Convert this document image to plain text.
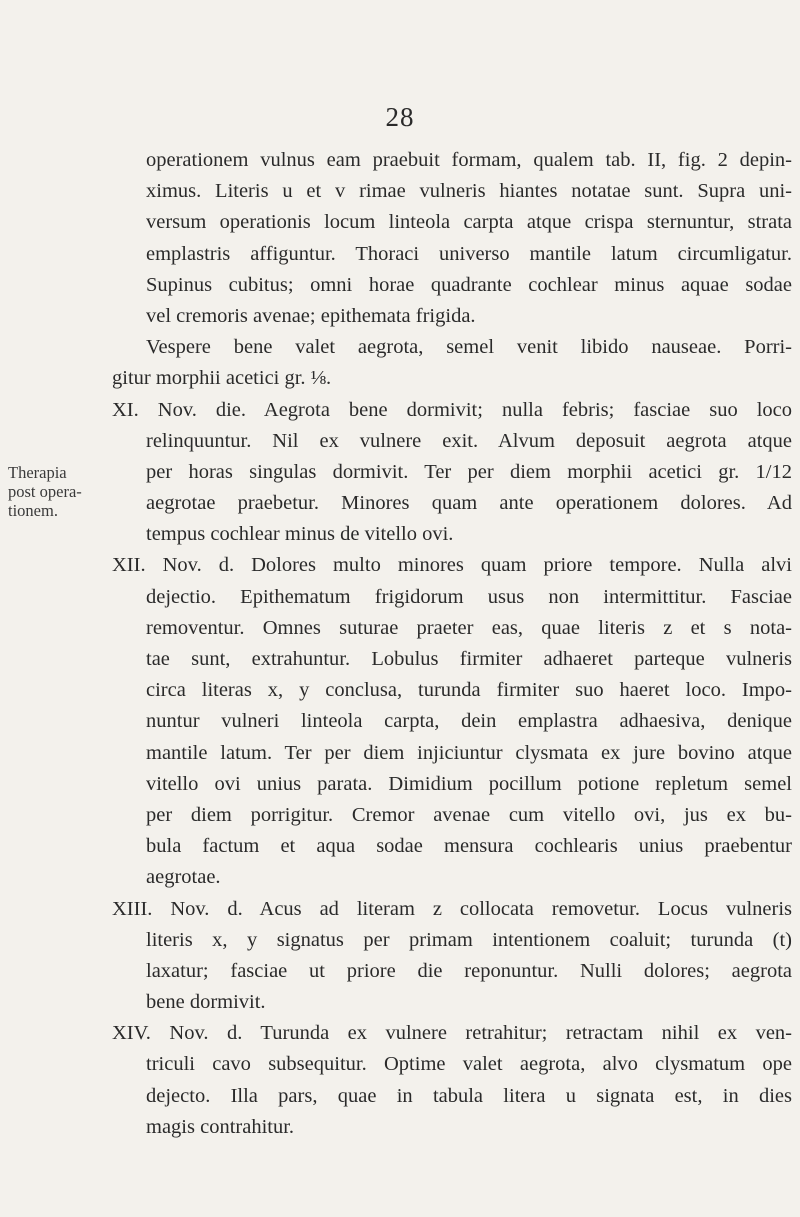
28
Therapia
post opera-
tionem.
operationem vulnus eam praebuit formam, qualem tab. II, fig. 2 depin-
ximus. Literis u et v rimae vulneris hiantes notatae sunt. Supra uni-
versum operationis locum linteola carpta atque crispa sternuntur, strata
emplastris affiguntur. Thoraci universo mantile latum circumligatur.
Supinus cubitus; omni horae quadrante cochlear minus aquae sodae
vel cremoris avenae; epithemata frigida.
Vespere bene valet aegrota, semel venit libido nauseae. Porri-
gitur morphii acetici gr. ⅛.
XI. Nov. die. Aegrota bene dormivit; nulla febris; fasciae suo loco
relinquuntur. Nil ex vulnere exit. Alvum deposuit aegrota atque
per horas singulas dormivit. Ter per diem morphii acetici gr. 1/12
aegrotae praebetur. Minores quam ante operationem dolores. Ad
tempus cochlear minus de vitello ovi.
XII. Nov. d. Dolores multo minores quam priore tempore. Nulla alvi
dejectio. Epithematum frigidorum usus non intermittitur. Fasciae
removentur. Omnes suturae praeter eas, quae literis z et s nota-
tae sunt, extrahuntur. Lobulus firmiter adhaeret parteque vulneris
circa literas x, y conclusa, turunda firmiter suo haeret loco. Impo-
nuntur vulneri linteola carpta, dein emplastra adhaesiva, denique
mantile latum. Ter per diem injiciuntur clysmata ex jure bovino atque
vitello ovi unius parata. Dimidium pocillum potione repletum semel
per diem porrigitur. Cremor avenae cum vitello ovi, jus ex bu-
bula factum et aqua sodae mensura cochlearis unius praebentur
aegrotae.
XIII. Nov. d. Acus ad literam z collocata removetur. Locus vulneris
literis x, y signatus per primam intentionem coaluit; turunda (t)
laxatur; fasciae ut priore die reponuntur. Nulli dolores; aegrota
bene dormivit.
XIV. Nov. d. Turunda ex vulnere retrahitur; retractam nihil ex ven-
triculi cavo subsequitur. Optime valet aegrota, alvo clysmatum ope
dejecto. Illa pars, quae in tabula litera u signata est, in dies
magis contrahitur.
